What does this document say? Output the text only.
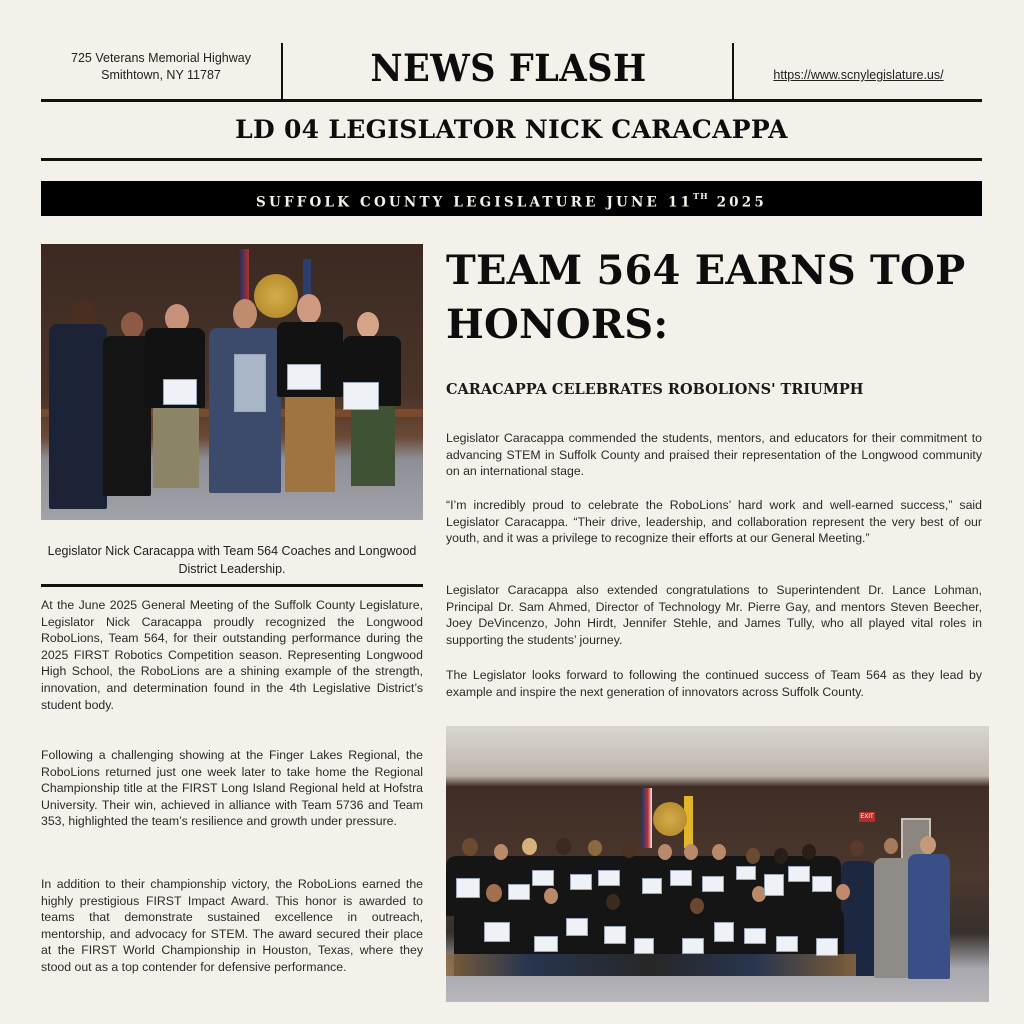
725 Veterans Memorial Highway
Smithtown, NY 11787	NEWS FLASH	https://www.scnylegislature.us/
LD 04 LEGISLATOR NICK CARACAPPA
SUFFOLK COUNTY LEGISLATURE JUNE 11TH 2025
Legislator Nick Caracappa with Team 564 Coaches and Longwood District Leadership.

At the June 2025 General Meeting of the Suffolk County Legislature, Legislator Nick Caracappa proudly recognized the Longwood RoboLions, Team 564, for their outstanding performance during the 2025 FIRST Robotics Competition season. Representing Longwood High School, the RoboLions are a shining example of the strength, innovation, and determination found in the 4th Legislative District’s student body.

Following a challenging showing at the Finger Lakes Regional, the RoboLions returned just one week later to take home the Regional Championship title at the FIRST Long Island Regional held at Hofstra University. Their win, achieved in alliance with Team 5736 and Team 353, highlighted the team’s resilience and growth under pressure.

In addition to their championship victory, the RoboLions earned the highly prestigious FIRST Impact Award. This honor is awarded to teams that demonstrate sustained excellence in outreach, mentorship, and advocacy for STEM. The award secured their place at the FIRST World Championship in Houston, Texas, where they stood out as a top contender for defensive performance.

TEAM 564 EARNS TOP HONORS:
CARACAPPA CELEBRATES ROBOLIONS' TRIUMPH

Legislator Caracappa commended the students, mentors, and educators for their commitment to advancing STEM in Suffolk County and praised their representation of the Longwood community on an international stage.

“I’m incredibly proud to celebrate the RoboLions’ hard work and well-earned success,” said Legislator Caracappa. “Their drive, leadership, and collaboration represent the very best of our youth, and it was a privilege to recognize their efforts at our General Meeting.”

Legislator Caracappa also extended congratulations to Superintendent Dr. Lance Lohman, Principal Dr. Sam Ahmed, Director of Technology Mr. Pierre Gay, and mentors Steven Beecher, Joey DeVincenzo, John Hirdt, Jennifer Stehle, and James Tully, who all played vital roles in supporting the students’ journey.

The Legislator looks forward to following the continued success of Team 564 as they lead by example and inspire the next generation of innovators across Suffolk County.

EXIT
